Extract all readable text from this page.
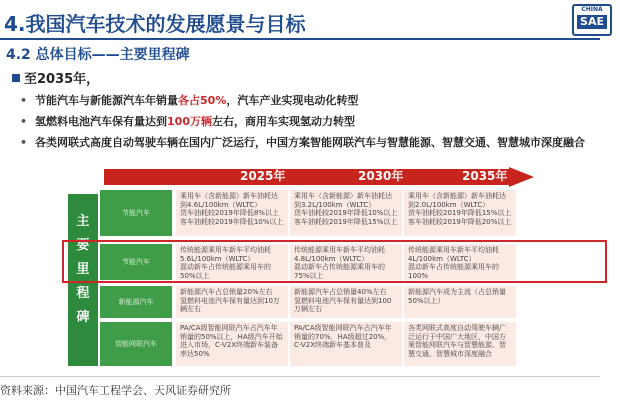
4.我国汽车技术的发展愿景与目标
CHINA
SAE
4.2 总体目标——主要里程碑
至2035年，
• 节能汽车与新能源汽车年销量各占50%，汽车产业实现电动化转型
• 氢燃料电池汽车保有量达到100万辆左右，商用车实现氢动力转型
• 各类网联式高度自动驾驶车辆在国内广泛运行，中国方案智能网联汽车与智慧能源、智慧交通、智慧城市深度融合
2025年	2030年	2035年
主
要
里
程
碑
节能汽车
乘用车（含新能源）新车油耗达到4.6L/100km（WLTC）
货车油耗较2019年降低8%以上
客车油耗较2019年降低10%以上
乘用车（含新能源）新车油耗达到3.2L/100km（WLTC）
货车油耗较2019年降低10%以上
客车油耗较2019年降低15%以上
乘用车（含新能源）新车油耗达到2.0L/100km（WLTC）
货车油耗较2019年降低15%以上
客车油耗较2019年降低20%以上
节能汽车
传统能源乘用车新车平均油耗5.6L/100km（WLTC）
混动新车占传统能源乘用车的50%以上
传统能源乘用车新车平均油耗4.8L/100km（WLTC）
混动新车占传统能源乘用车的75%以上
传统能源乘用车新车平均油耗4L/100km（WLTC）
混动新车占传统能源乘用车的100%
新能源汽车
新能源汽车占总销量20%左右
氢燃料电池汽车保有量达到10万辆左右
新能源汽车占总销量40%左右
氢燃料电池汽车保有量达到100万辆左右
新能源汽车成为主流（占总销量50%以上）
智能网联汽车
PA/CA级智能网联汽车占汽车年销量的50%以上，HA级汽车开始进入市场，C-V2X终端新车装备率达50%
PA/CA级智能网联汽车占汽车年销量的70%，HA级超过20%，C-V2X终端新车基本普及
各类网联式高度自动驾驶车辆广泛运行于中国广大地区，中国方案智能网联汽车与智慧能源、智慧交通、智慧城市深度融合
资料来源：中国汽车工程学会、天风证券研究所
